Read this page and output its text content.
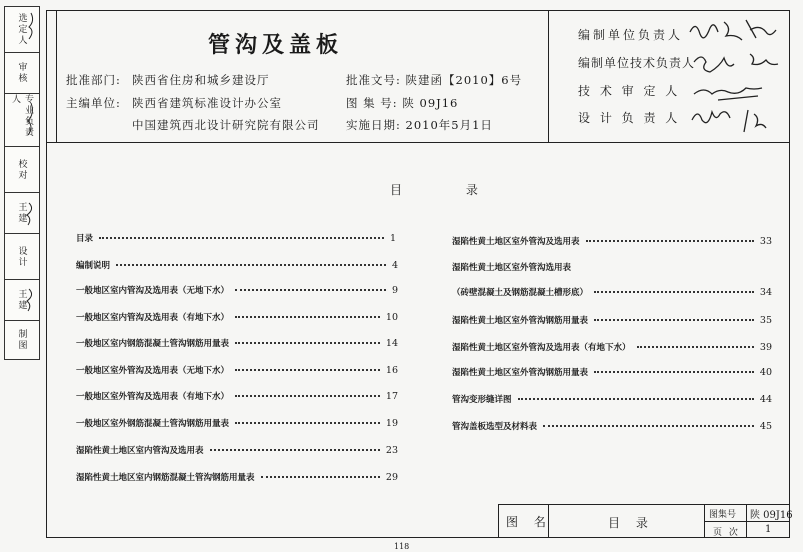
选定人
审核
专业负责人
校对
王建
设计
王建
制图
管沟及盖板
批准部门: 陕西省住房和城乡建设厅
主编单位: 陕西省建筑标准设计办公室
中国建筑西北设计研究院有限公司
批准文号: 陕建函【2010】6号
图 集 号: 陕 09J16
实施日期: 2010年5月1日
编制单位负责人
编制单位技术负责人
技 术 审 定 人
设 计 负 责 人
目 录
目录	1
编制说明	4
一般地区室内管沟及选用表（无地下水）	9
一般地区室内管沟及选用表（有地下水）	10
一般地区室内钢筋混凝土管沟钢筋用量表	14
一般地区室外管沟及选用表（无地下水）	16
一般地区室外管沟及选用表（有地下水）	17
一般地区室外钢筋混凝土管沟钢筋用量表	19
湿陷性黄土地区室内管沟及选用表	23
湿陷性黄土地区室内钢筋混凝土管沟钢筋用量表	29
湿陷性黄土地区室外管沟及选用表	33
湿陷性黄土地区室外管沟选用表
（砖壁混凝土及钢筋混凝土槽形底）	34
湿陷性黄土地区室外管沟钢筋用量表	35
湿陷性黄土地区室外管沟及选用表（有地下水）	39
湿陷性黄土地区室外管沟钢筋用量表	40
管沟变形缝详图	44
管沟盖板选型及材料表	45
图 名	目 录
图集号 陕 09J16
页 次	1
118
